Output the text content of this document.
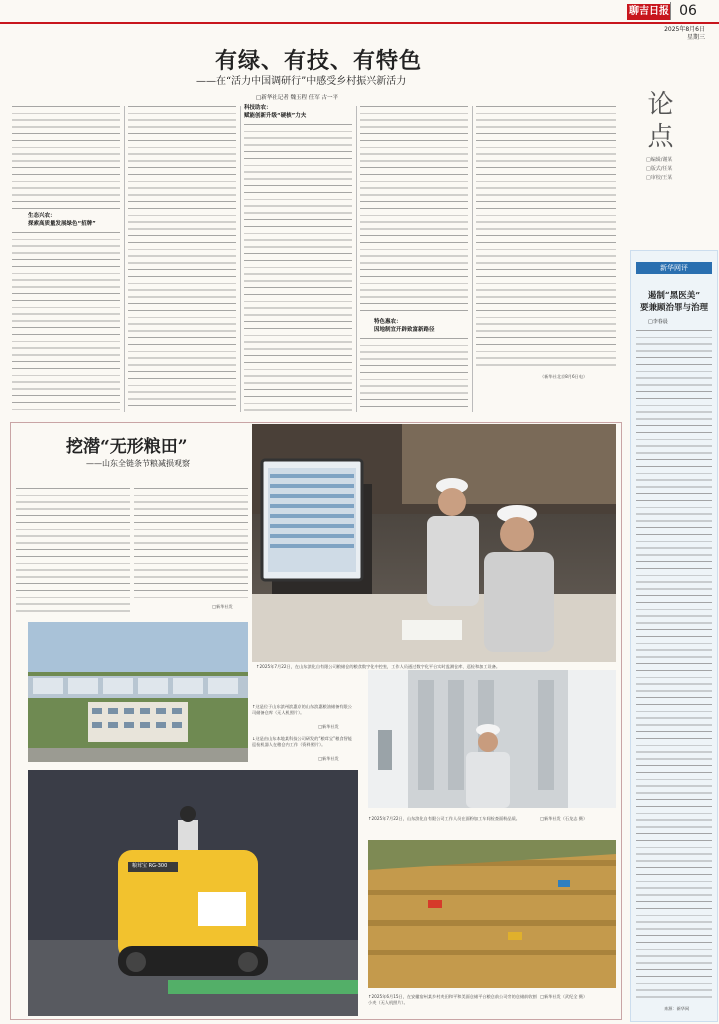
聊吉日报 06
2025年8月6日
星期三
论点
□编辑/谢某
□版式/任某
□审校/王某
有绿、有技、有特色
——在“活力中国调研行”中感受乡村振兴新活力
□新华社记者 魏玉程 任军 古一平
生态兴农：
探索高质量发展绿色“招牌”
科技助农：
赋能创新升级“硬核”力夫
特色惠农：
因地制宜开辟致富新路径
（新华社北京8月6日电）
新华网评
遏制“黑医美”
要兼顾治罪与治理
□李春晨
来源：新华网
挖潜“无形粮田”
——山东全链条节粮减损观察
□新华社发
↑2025年7月22日，在山东滨化自有限公司粮储仓的粮食数字化中控室，工作人员通过数字化平台实时监测仓库、巡检和加工设备。
↑这是位于山东滨州滨惠京的山东滨惠粮油储备有限公司储备仓库（无人机照片）。
□新华社发
↓这是由山东本地某科技公司研发的“粮茸宝”粮食智能巡检机器人在粮仓内工作（资料照片）。
□新华社发
粮茸宝 RG-300
↑2025年7月22日，山东滨化自有限公司工作人员在面粉加工车间检查面粉品质。	□新华社发（石龙志 摄）
↑2025年6月15日，在安徽宿州某乡村麦田和平和美面仓储平台粮仓前公司旁的仓储前收割小麦（无人机照片）。
□新华社发（武纪全 摄）
